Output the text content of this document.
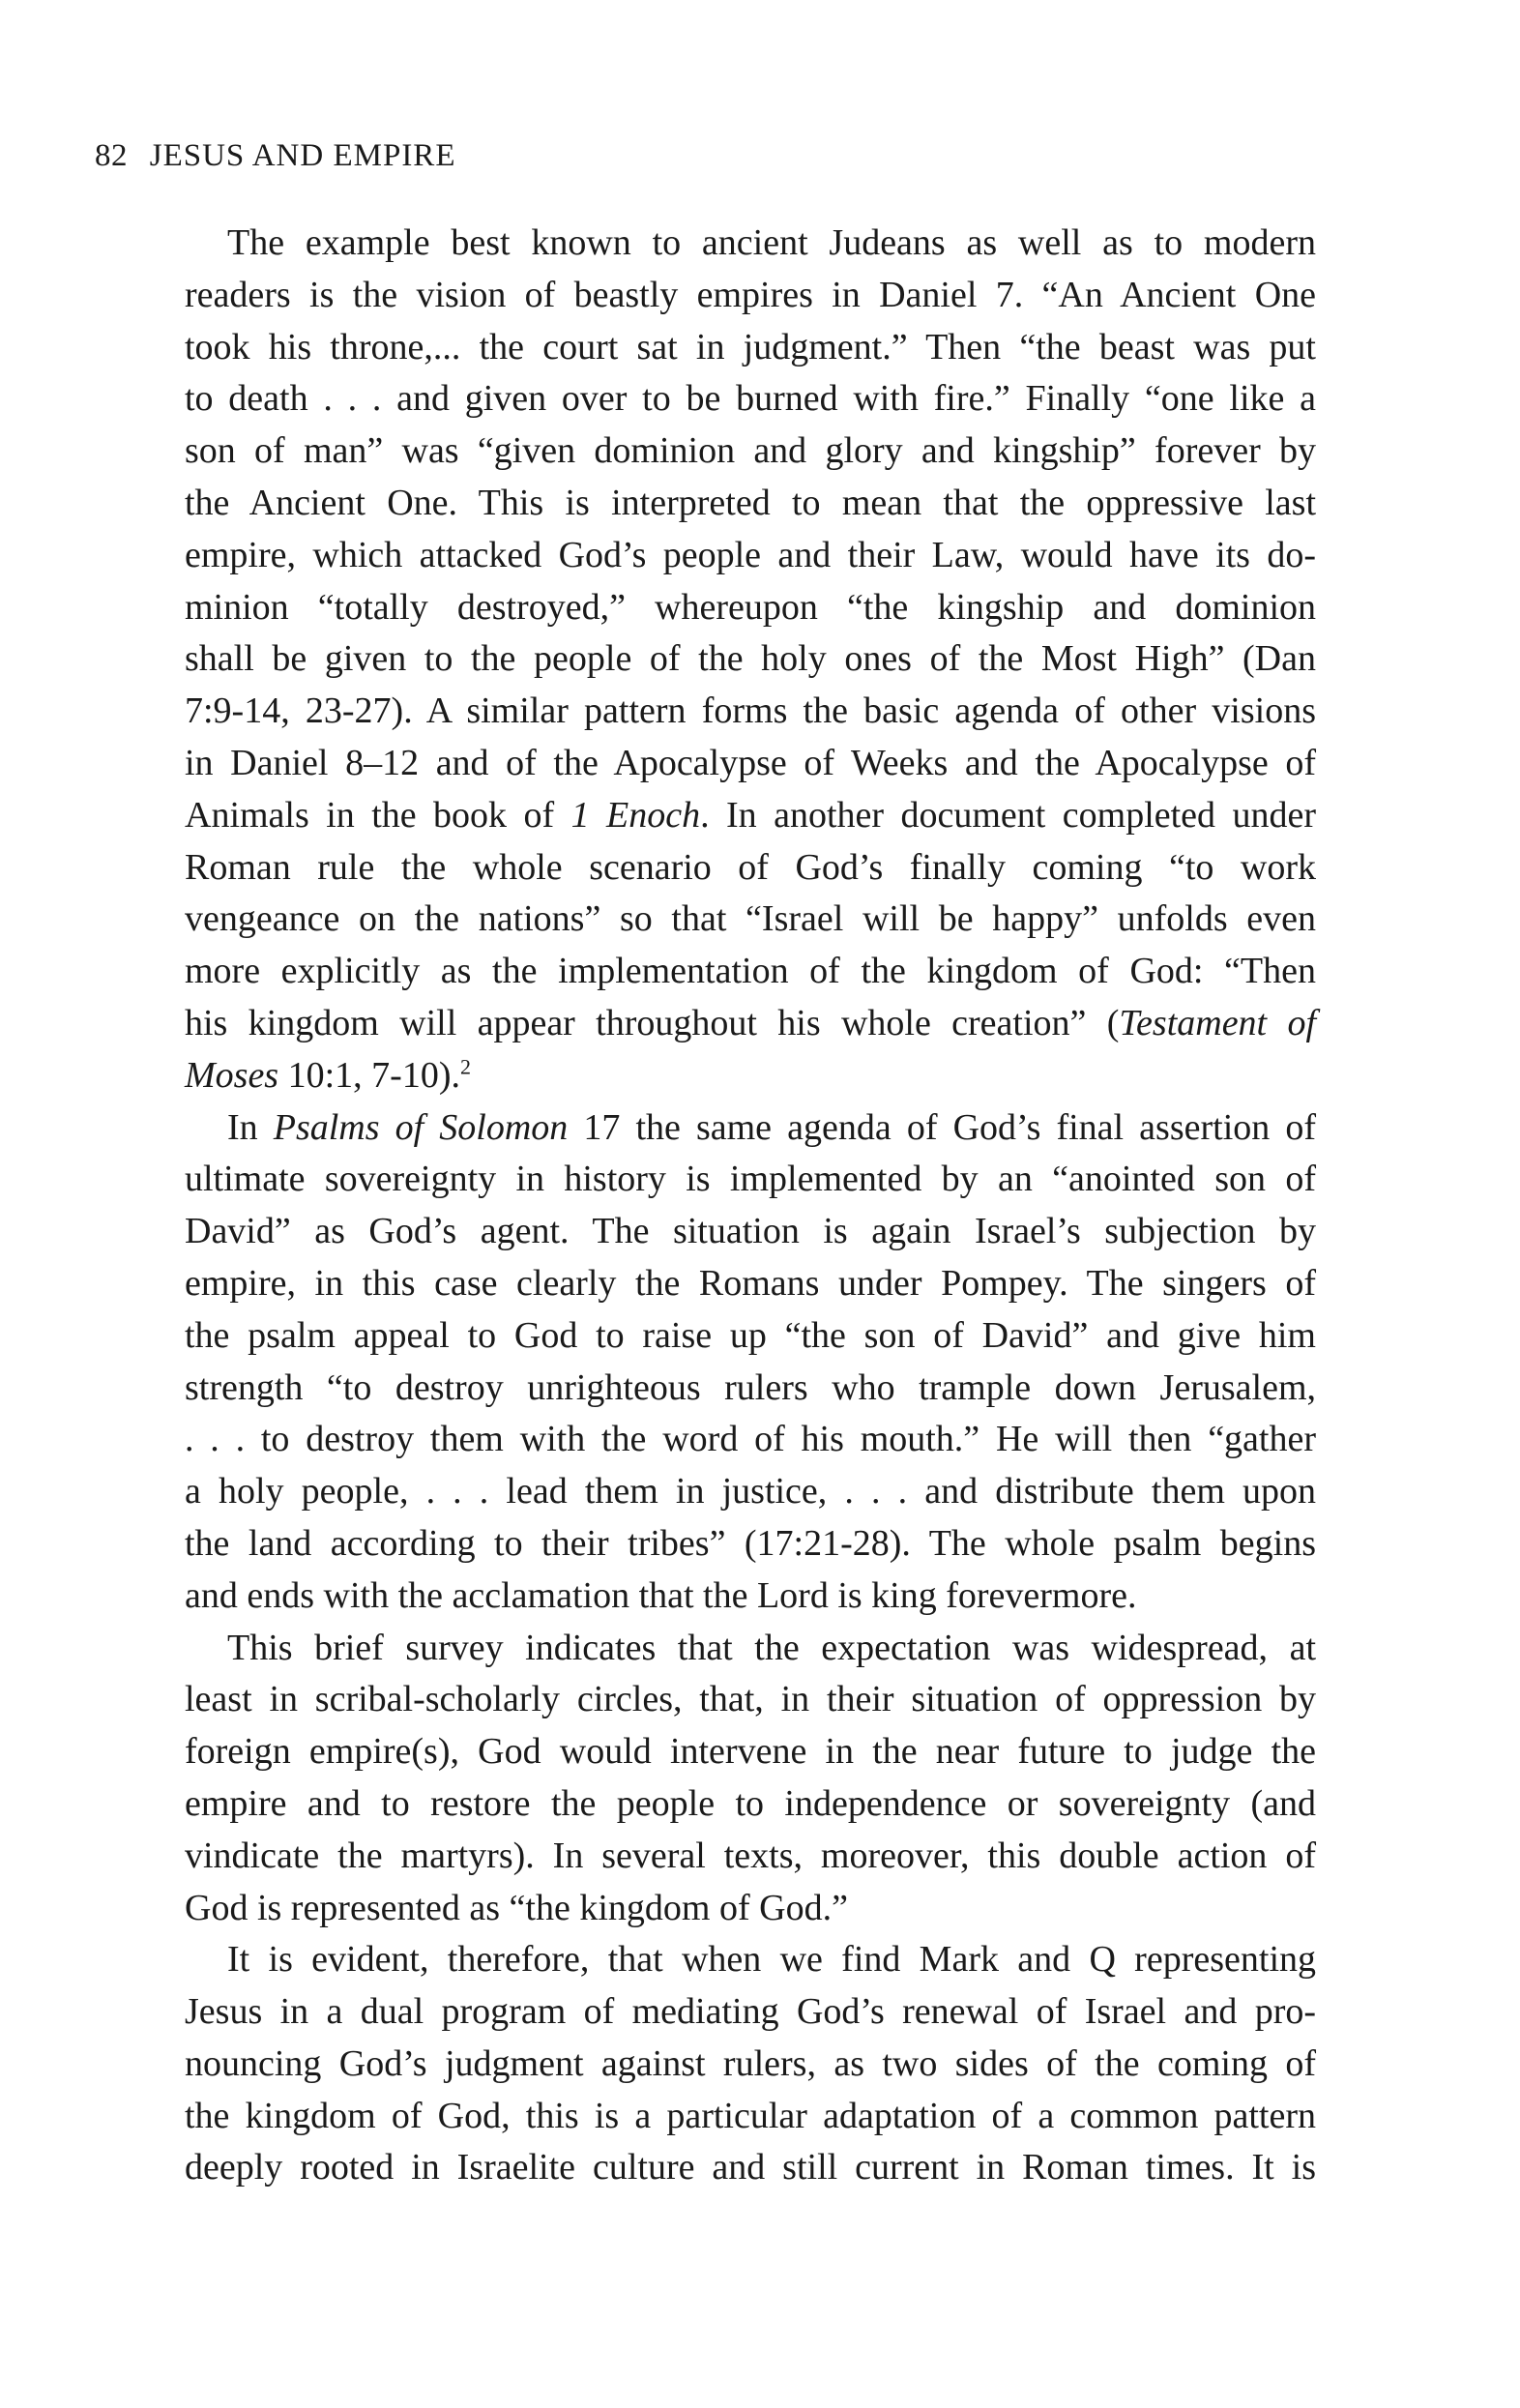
82 JESUS AND EMPIRE
The example best known to ancient Judeans as well as to modern
readers is the vision of beastly empires in Daniel 7. “An Ancient One
took his throne,... the court sat in judgment.” Then “the beast was put
to death . . . and given over to be burned with fire.” Finally “one like a
son of man” was “given dominion and glory and kingship” forever by
the Ancient One. This is interpreted to mean that the oppressive last
empire, which attacked God’s people and their Law, would have its do-
minion “totally destroyed,” whereupon “the kingship and dominion
shall be given to the people of the holy ones of the Most High” (Dan
7:9-14, 23-27). A similar pattern forms the basic agenda of other visions
in Daniel 8–12 and of the Apocalypse of Weeks and the Apocalypse of
Animals in the book of 1 Enoch. In another document completed under
Roman rule the whole scenario of God’s finally coming “to work
vengeance on the nations” so that “Israel will be happy” unfolds even
more explicitly as the implementation of the kingdom of God: “Then
his kingdom will appear throughout his whole creation” (Testament of
Moses 10:1, 7-10).$^2$
In Psalms of Solomon 17 the same agenda of God’s final assertion of
ultimate sovereignty in history is implemented by an “anointed son of
David” as God’s agent. The situation is again Israel’s subjection by
empire, in this case clearly the Romans under Pompey. The singers of
the psalm appeal to God to raise up “the son of David” and give him
strength “to destroy unrighteous rulers who trample down Jerusalem,
. . . to destroy them with the word of his mouth.” He will then “gather
a holy people, . . . lead them in justice, . . . and distribute them upon
the land according to their tribes” (17:21-28). The whole psalm begins
and ends with the acclamation that the Lord is king forevermore.
This brief survey indicates that the expectation was widespread, at
least in scribal-scholarly circles, that, in their situation of oppression by
foreign empire(s), God would intervene in the near future to judge the
empire and to restore the people to independence or sovereignty (and
vindicate the martyrs). In several texts, moreover, this double action of
God is represented as “the kingdom of God.”
It is evident, therefore, that when we find Mark and Q representing
Jesus in a dual program of mediating God’s renewal of Israel and pro-
nouncing God’s judgment against rulers, as two sides of the coming of
the kingdom of God, this is a particular adaptation of a common pattern
deeply rooted in Israelite culture and still current in Roman times. It is
